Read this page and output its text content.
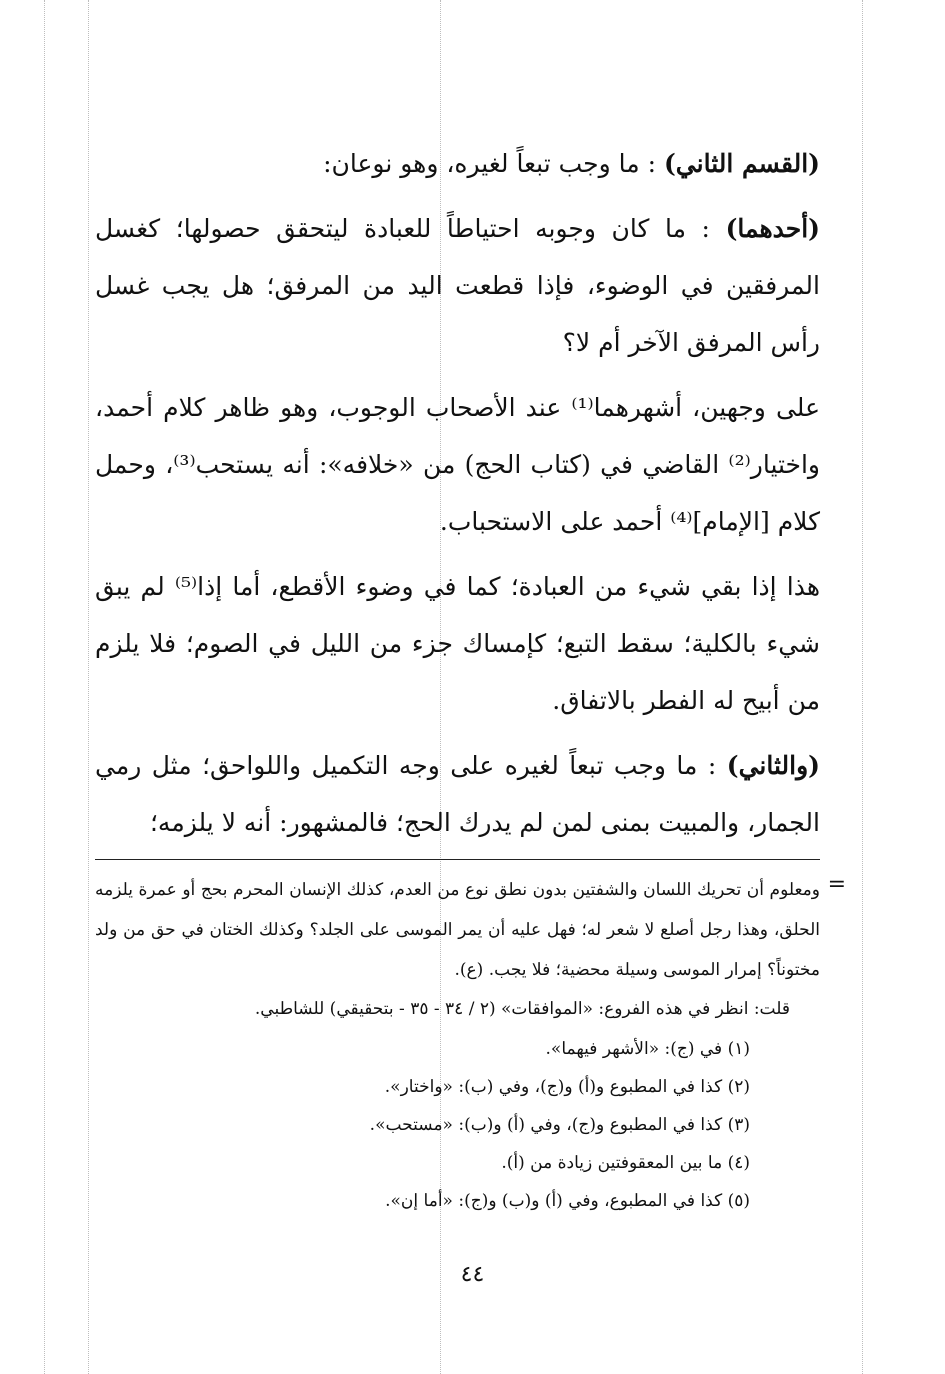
(القسم الثاني) : ما وجب تبعاً لغيره، وهو نوعان:

(أحدهما) : ما كان وجوبه احتياطاً للعبادة ليتحقق حصولها؛ كغسل المرفقين في الوضوء، فإذا قطعت اليد من المرفق؛ هل يجب غسل رأس المرفق الآخر أم لا؟

على وجهين، أشهرهما⁽¹⁾ عند الأصحاب الوجوب، وهو ظاهر كلام أحمد، واختيار⁽²⁾ القاضي في (كتاب الحج) من «خلافه»: أنه يستحب⁽³⁾، وحمل كلام [الإمام]⁽⁴⁾ أحمد على الاستحباب.

هذا إذا بقي شيء من العبادة؛ كما في وضوء الأقطع، أما إذا⁽⁵⁾ لم يبق شيء بالكلية؛ سقط التبع؛ كإمساك جزء من الليل في الصوم؛ فلا يلزم من أبيح له الفطر بالاتفاق.

(والثاني) : ما وجب تبعاً لغيره على وجه التكميل واللواحق؛ مثل رمي الجمار، والمبيت بمنى لمن لم يدرك الحج؛ فالمشهور: أنه لا يلزمه؛

=

ومعلوم أن تحريك اللسان والشفتين بدون نطق نوع من العدم، كذلك الإنسان المحرم بحج أو عمرة يلزمه الحلق، وهذا رجل أصلع لا شعر له؛ فهل عليه أن يمر الموسى على الجلد؟ وكذلك الختان في حق من ولد مختوناً؟ إمرار الموسى وسيلة محضية؛ فلا يجب. (ع).

قلت: انظر في هذه الفروع: «الموافقات» (٢ / ٣٤ - ٣٥ - بتحقيقي) للشاطبي.

(١) في (ج): «الأشهر فيهما».
(٢) كذا في المطبوع و(أ) و(ج)، وفي (ب): «واختار».
(٣) كذا في المطبوع و(ج)، وفي (أ) و(ب): «مستحب».
(٤) ما بين المعقوفتين زيادة من (أ).
(٥) كذا في المطبوع، وفي (أ) و(ب) و(ج): «أما إن».
٤٤
